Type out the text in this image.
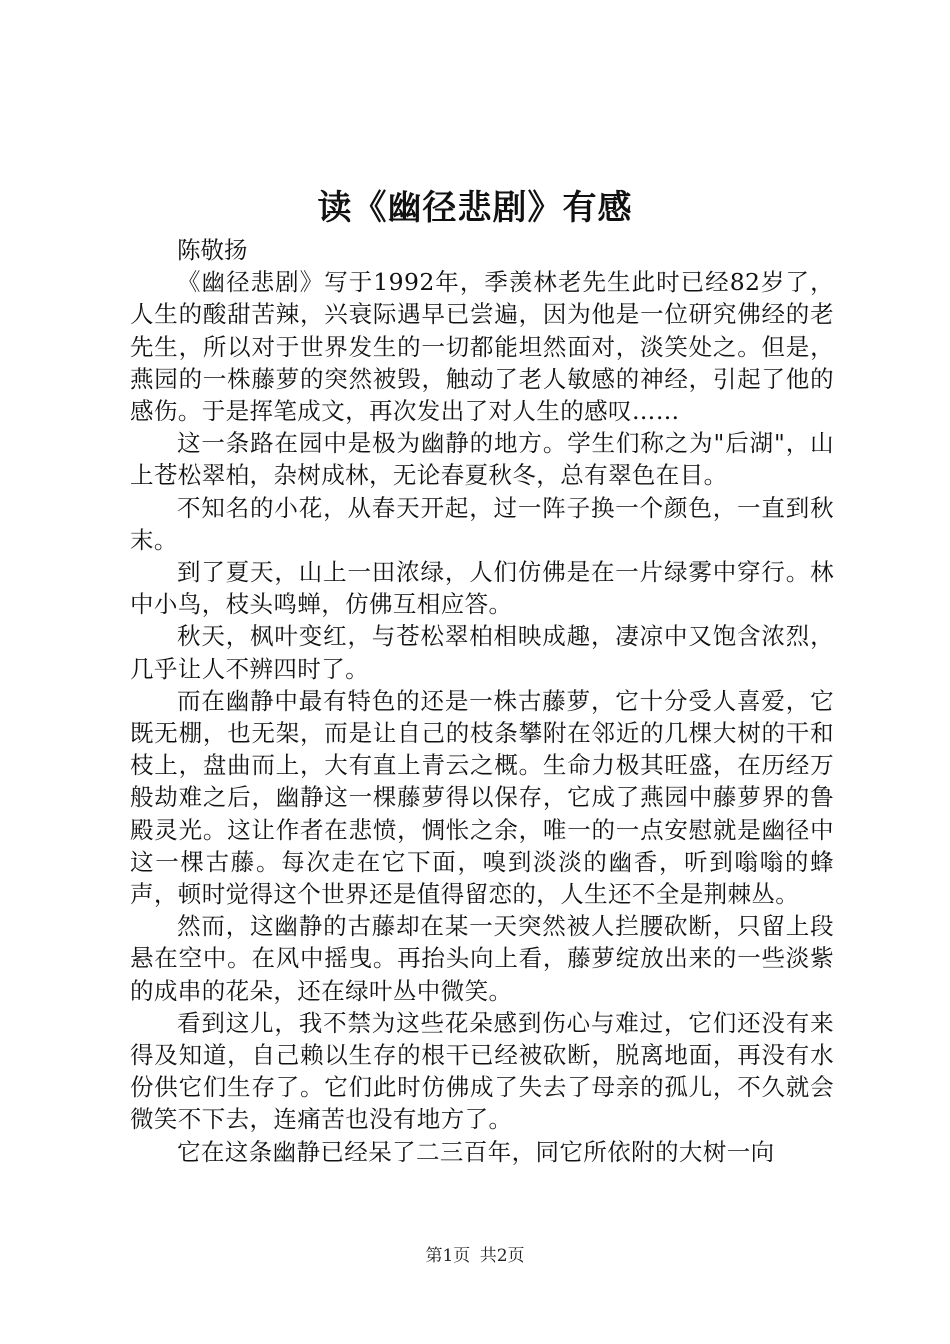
读《幽径悲剧》有感

陈敬扬

《幽径悲剧》写于1992年，季羡林老先生此时已经82岁了，人生的酸甜苦辣，兴衰际遇早已尝遍，因为他是一位研究佛经的老先生，所以对于世界发生的一切都能坦然面对，淡笑处之。但是，燕园的一株藤萝的突然被毁，触动了老人敏感的神经，引起了他的感伤。于是挥笔成文，再次发出了对人生的感叹……

这一条路在园中是极为幽静的地方。学生们称之为"后湖"，山上苍松翠柏，杂树成林，无论春夏秋冬，总有翠色在目。

不知名的小花，从春天开起，过一阵子换一个颜色，一直到秋末。

到了夏天，山上一田浓绿，人们仿佛是在一片绿雾中穿行。林中小鸟，枝头鸣蝉，仿佛互相应答。

秋天，枫叶变红，与苍松翠柏相映成趣，凄凉中又饱含浓烈，几乎让人不辨四时了。

而在幽静中最有特色的还是一株古藤萝，它十分受人喜爱，它既无棚，也无架，而是让自己的枝条攀附在邻近的几棵大树的干和枝上，盘曲而上，大有直上青云之概。生命力极其旺盛，在历经万般劫难之后，幽静这一棵藤萝得以保存，它成了燕园中藤萝界的鲁殿灵光。这让作者在悲愤，惆怅之余，唯一的一点安慰就是幽径中这一棵古藤。每次走在它下面，嗅到淡淡的幽香，听到嗡嗡的蜂声，顿时觉得这个世界还是值得留恋的，人生还不全是荆棘丛。

然而，这幽静的古藤却在某一天突然被人拦腰砍断，只留上段悬在空中。在风中摇曳。再抬头向上看，藤萝绽放出来的一些淡紫的成串的花朵，还在绿叶丛中微笑。

看到这儿，我不禁为这些花朵感到伤心与难过，它们还没有来得及知道，自己赖以生存的根干已经被砍断，脱离地面，再没有水份供它们生存了。它们此时仿佛成了失去了母亲的孤儿，不久就会微笑不下去，连痛苦也没有地方了。

它在这条幽静已经呆了二三百年，同它所依附的大树一向

第1页 共2页
